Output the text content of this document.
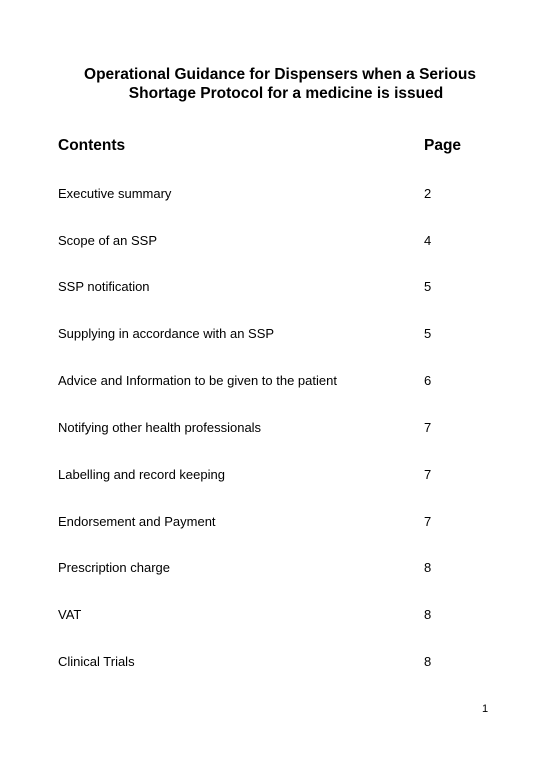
Operational Guidance for Dispensers when a Serious
Shortage Protocol for a medicine is issued
Contents	Page
Executive summary	2
Scope of an SSP	4
SSP notification	5
Supplying in accordance with an SSP	5
Advice and Information to be given to the patient	6
Notifying other health professionals	7
Labelling and record keeping	7
Endorsement and Payment	7
Prescription charge	8
VAT	8
Clinical Trials	8
1
